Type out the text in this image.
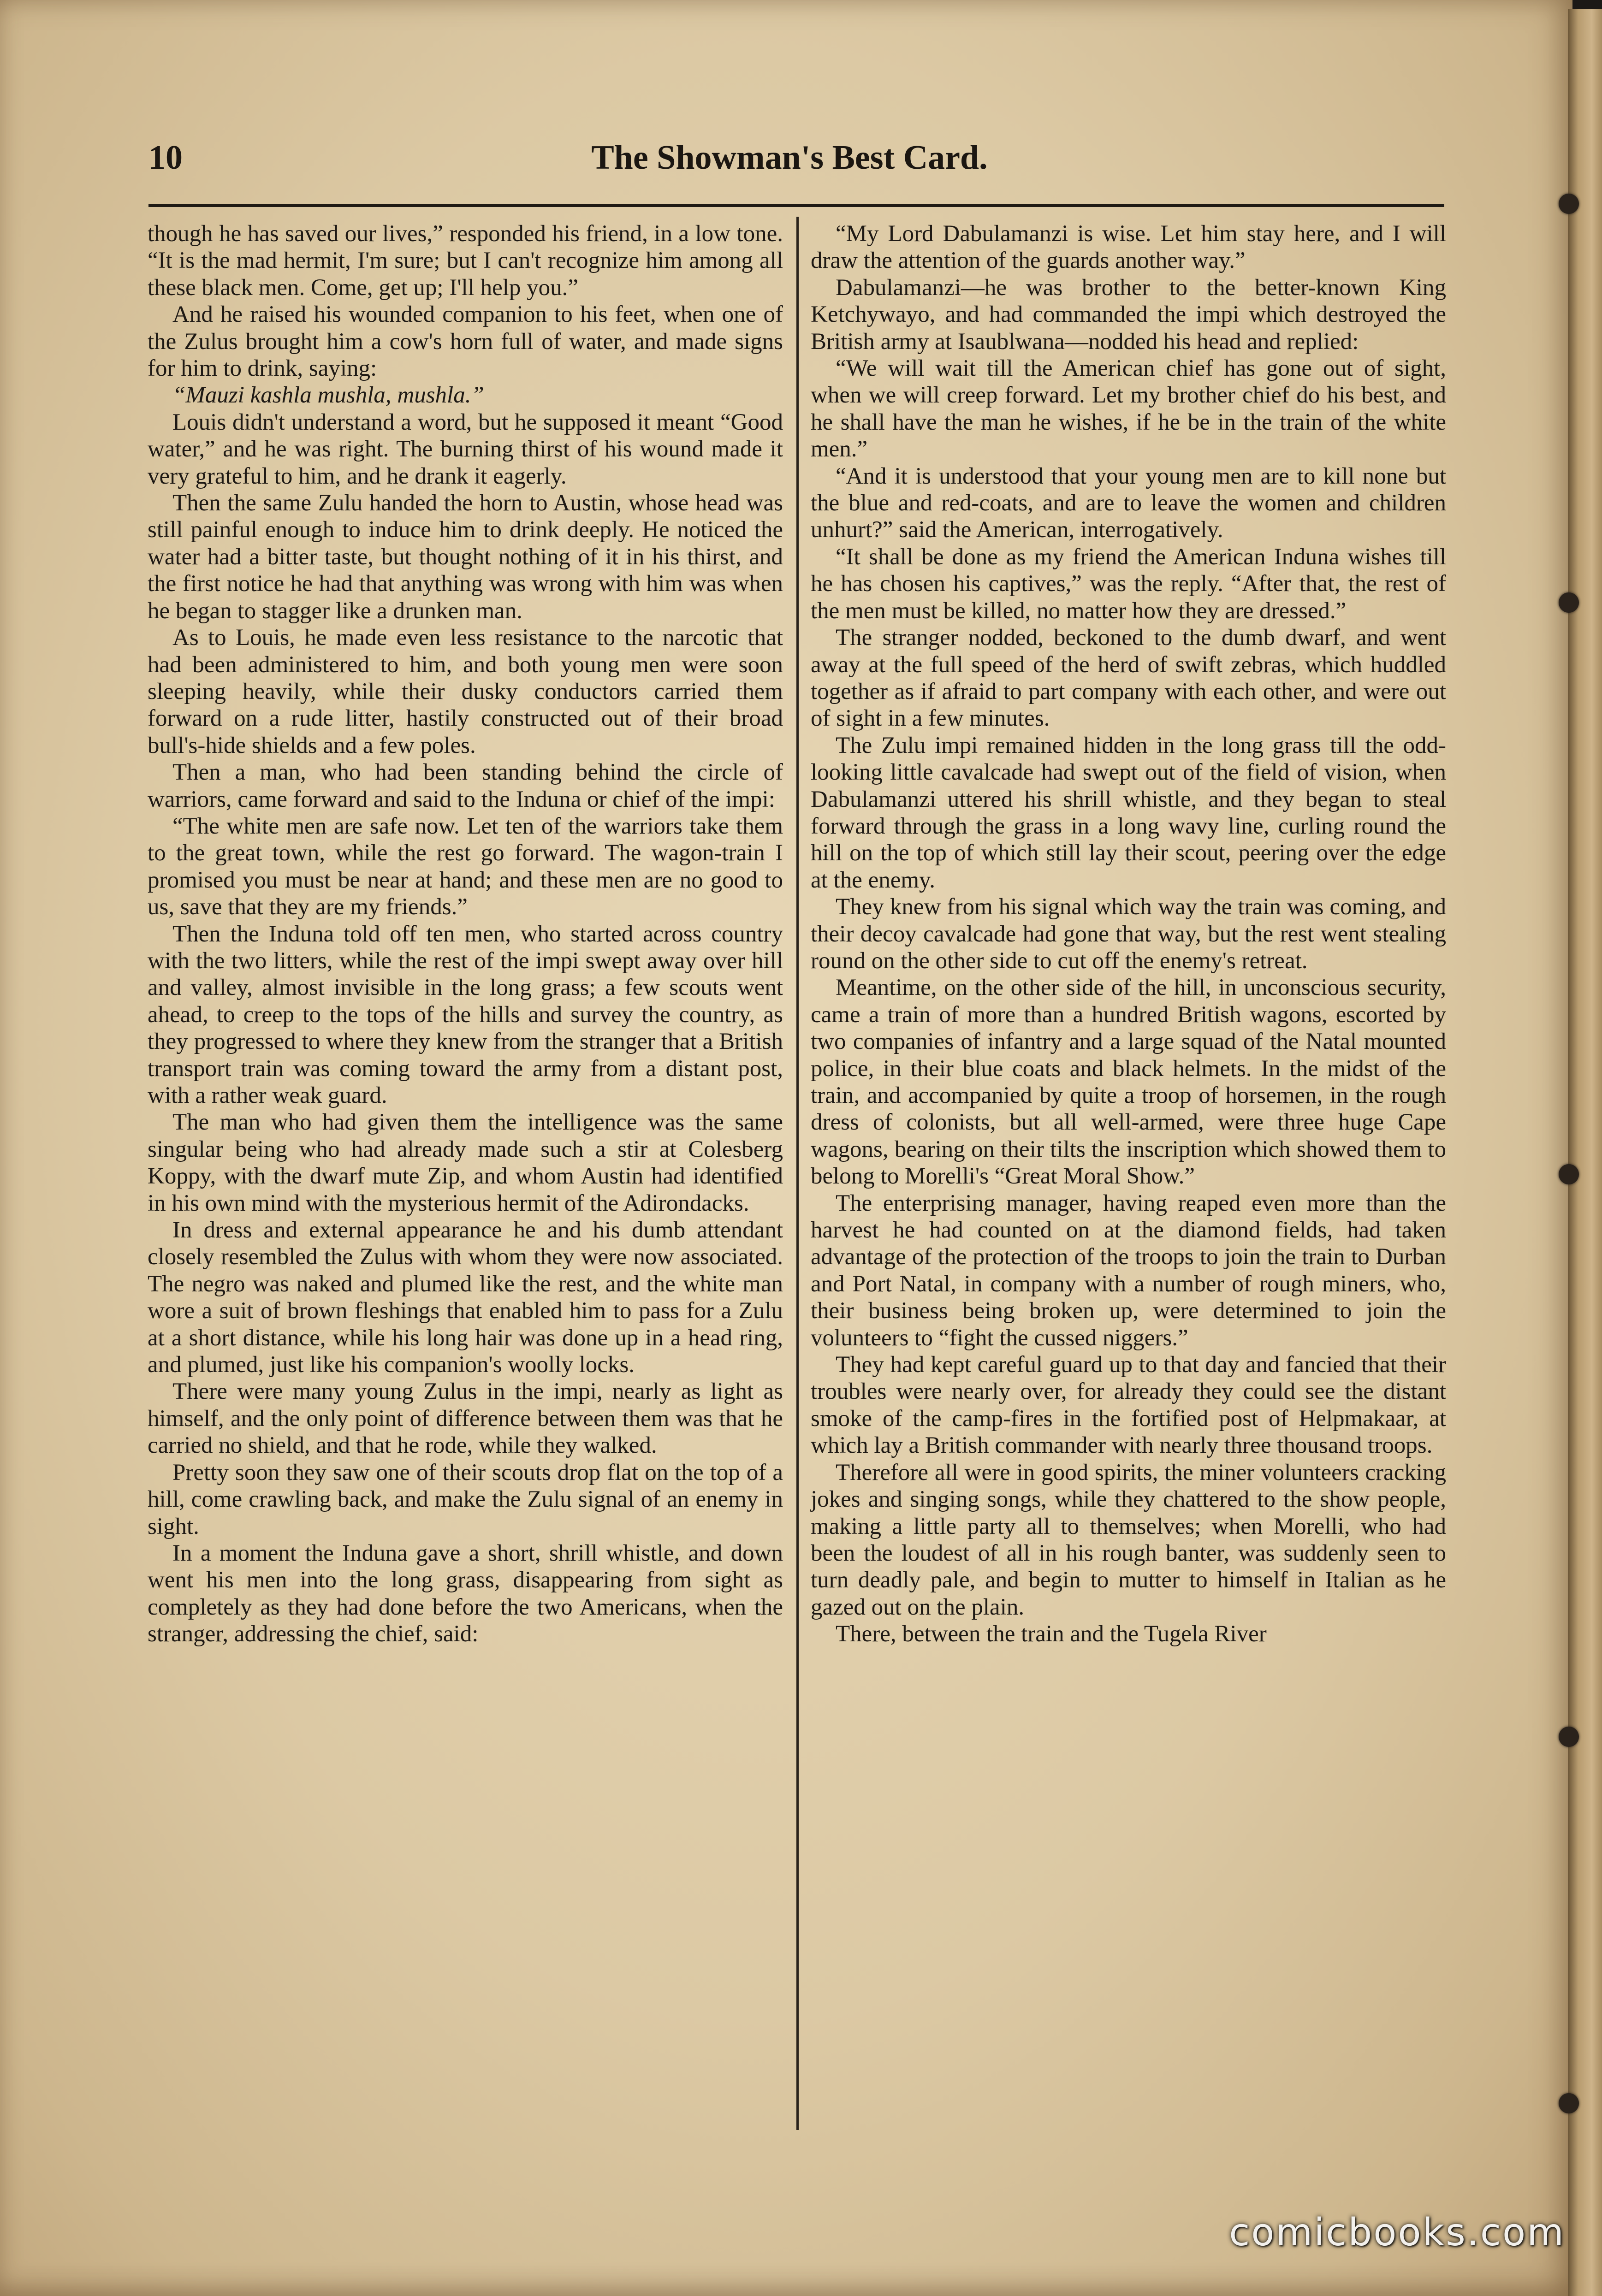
The Showman's Best Card.
10

though he has saved our lives,” responded his friend, in a low tone. “It is the mad hermit, I'm sure; but I can't recognize him among all these black men. Come, get up; I'll help you.”

And he raised his wounded companion to his feet, when one of the Zulus brought him a cow's horn full of water, and made signs for him to drink, saying:

“Mauzi kashla mushla, mushla.”

Louis didn't understand a word, but he supposed it meant “Good water,” and he was right. The burning thirst of his wound made it very grateful to him, and he drank it eagerly.

Then the same Zulu handed the horn to Austin, whose head was still painful enough to induce him to drink deeply. He noticed the water had a bitter taste, but thought nothing of it in his thirst, and the first notice he had that anything was wrong with him was when he began to stagger like a drunken man.

As to Louis, he made even less resistance to the narcotic that had been administered to him, and both young men were soon sleeping heavily, while their dusky conductors carried them forward on a rude litter, hastily constructed out of their broad bull's-hide shields and a few poles.

Then a man, who had been standing behind the circle of warriors, came forward and said to the Induna or chief of the impi:

“The white men are safe now. Let ten of the warriors take them to the great town, while the rest go forward. The wagon-train I promised you must be near at hand; and these men are no good to us, save that they are my friends.”

Then the Induna told off ten men, who started across country with the two litters, while the rest of the impi swept away over hill and valley, almost invisible in the long grass; a few scouts went ahead, to creep to the tops of the hills and survey the country, as they progressed to where they knew from the stranger that a British transport train was coming toward the army from a distant post, with a rather weak guard.

The man who had given them the intelligence was the same singular being who had already made such a stir at Colesberg Koppy, with the dwarf mute Zip, and whom Austin had identified in his own mind with the mysterious hermit of the Adirondacks.

In dress and external appearance he and his dumb attendant closely resembled the Zulus with whom they were now associated. The negro was naked and plumed like the rest, and the white man wore a suit of brown fleshings that enabled him to pass for a Zulu at a short distance, while his long hair was done up in a head ring, and plumed, just like his companion's woolly locks.

There were many young Zulus in the impi, nearly as light as himself, and the only point of difference between them was that he carried no shield, and that he rode, while they walked.

Pretty soon they saw one of their scouts drop flat on the top of a hill, come crawling back, and make the Zulu signal of an enemy in sight.

In a moment the Induna gave a short, shrill whistle, and down went his men into the long grass, disappearing from sight as completely as they had done before the two Americans, when the stranger, addressing the chief, said:

“My Lord Dabulamanzi is wise. Let him stay here, and I will draw the attention of the guards another way.”

Dabulamanzi—he was brother to the better-known King Ketchywayo, and had commanded the impi which destroyed the British army at Isaublwana—nodded his head and replied:

“We will wait till the American chief has gone out of sight, when we will creep forward. Let my brother chief do his best, and he shall have the man he wishes, if he be in the train of the white men.”

“And it is understood that your young men are to kill none but the blue and red-coats, and are to leave the women and children unhurt?” said the American, interrogatively.

“It shall be done as my friend the American Induna wishes till he has chosen his captives,” was the reply. “After that, the rest of the men must be killed, no matter how they are dressed.”

The stranger nodded, beckoned to the dumb dwarf, and went away at the full speed of the herd of swift zebras, which huddled together as if afraid to part company with each other, and were out of sight in a few minutes.

The Zulu impi remained hidden in the long grass till the odd-looking little cavalcade had swept out of the field of vision, when Dabulamanzi uttered his shrill whistle, and they began to steal forward through the grass in a long wavy line, curling round the hill on the top of which still lay their scout, peering over the edge at the enemy.

They knew from his signal which way the train was coming, and their decoy cavalcade had gone that way, but the rest went stealing round on the other side to cut off the enemy's retreat.

Meantime, on the other side of the hill, in unconscious security, came a train of more than a hundred British wagons, escorted by two companies of infantry and a large squad of the Natal mounted police, in their blue coats and black helmets. In the midst of the train, and accompanied by quite a troop of horsemen, in the rough dress of colonists, but all well-armed, were three huge Cape wagons, bearing on their tilts the inscription which showed them to belong to Morelli's “Great Moral Show.”

The enterprising manager, having reaped even more than the harvest he had counted on at the diamond fields, had taken advantage of the protection of the troops to join the train to Durban and Port Natal, in company with a number of rough miners, who, their business being broken up, were determined to join the volunteers to “fight the cussed niggers.”

They had kept careful guard up to that day and fancied that their troubles were nearly over, for already they could see the distant smoke of the camp-fires in the fortified post of Helpmakaar, at which lay a British commander with nearly three thousand troops.

Therefore all were in good spirits, the miner volunteers cracking jokes and singing songs, while they chattered to the show people, making a little party all to themselves; when Morelli, who had been the loudest of all in his rough banter, was suddenly seen to turn deadly pale, and begin to mutter to himself in Italian as he gazed out on the plain.

There, between the train and the Tugela River

comicbooks.com
